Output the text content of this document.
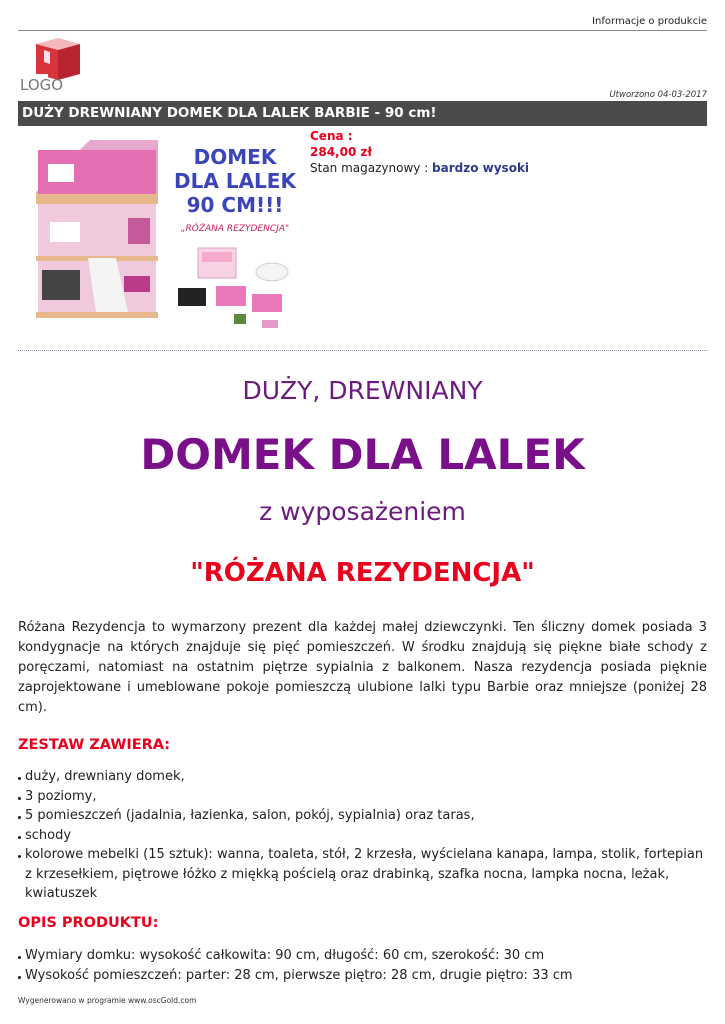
Informacje o produkcie
LOGO
Utworzono 04-03-2017
DUŻY DREWNIANY DOMEK DLA LALEK BARBIE - 90 cm!
DOMEK
DLA LALEK
90 CM!!!
„RÓŻANA REZYDENCJA"
Cena :
284,00 zł
Stan magazynowy : bardzo wysoki
DUŻY, DREWNIANY
DOMEK DLA LALEK
z wyposażeniem
"RÓŻANA REZYDENCJA"
Różana Rezydencja to wymarzony prezent dla każdej małej dziewczynki. Ten śliczny domek posiada 3 kondygnacje na których znajduje się pięć pomieszczeń. W środku znajdują się piękne białe schody z poręczami, natomiast na ostatnim piętrze sypialnia z balkonem. Nasza rezydencja posiada pięknie zaprojektowane i umeblowane pokoje pomieszczą ulubione lalki typu Barbie oraz mniejsze (poniżej 28 cm).
ZESTAW ZAWIERA:
duży, drewniany domek,
3 poziomy,
5 pomieszczeń (jadalnia, łazienka, salon, pokój, sypialnia) oraz taras,
schody
kolorowe mebelki (15 sztuk): wanna, toaleta, stół, 2 krzesła, wyścielana kanapa, lampa, stolik, fortepian z krzesełkiem, piętrowe łóżko z miękką pościelą oraz drabinką, szafka nocna, lampka nocna, leżak, kwiatuszek
OPIS PRODUKTU:
Wymiary domku: wysokość całkowita: 90 cm, długość: 60 cm, szerokość: 30 cm
Wysokość pomieszczeń: parter: 28 cm, pierwsze piętro: 28 cm, drugie piętro: 33 cm
Wygenerowano w programie www.oscGold.com
